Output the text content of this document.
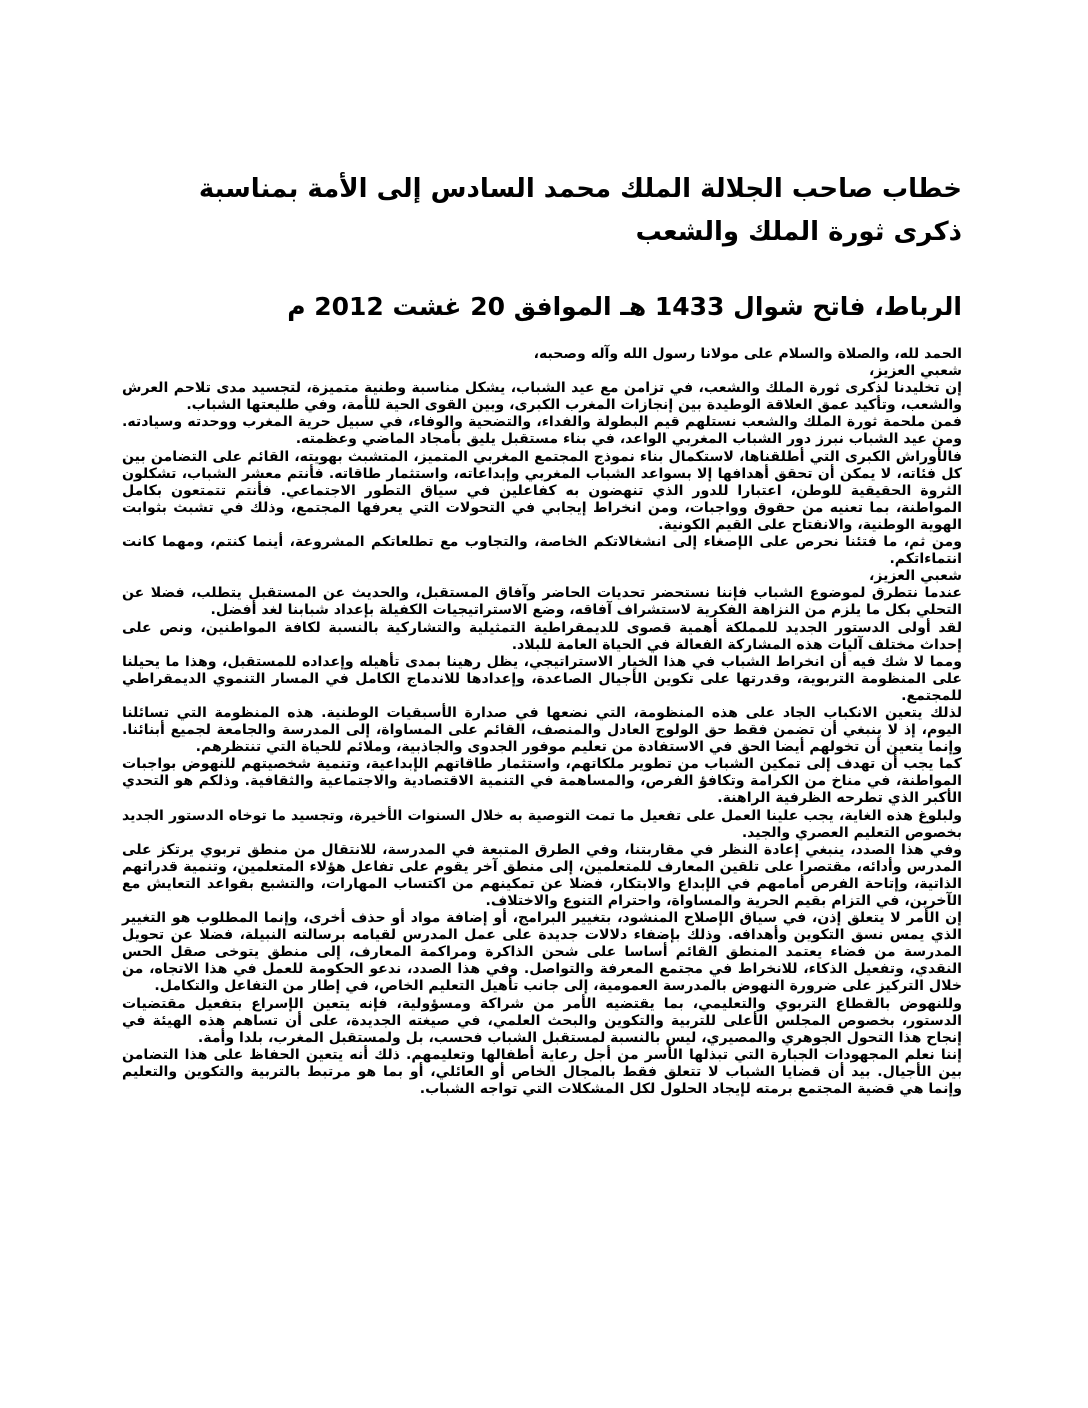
خطاب صاحب الجلالة الملك محمد السادس إلى الأمة بمناسبة ذكرى ثورة الملك والشعب
الرباط، فاتح شوال 1433 هـ الموافق 20 غشت 2012 م

الحمد لله، والصلاة والسلام على مولانا رسول الله وآله وصحبه،

شعبي العزيز،

إن تخليدنا لذكرى ثورة الملك والشعب، في تزامن مع عيد الشباب، يشكل مناسبة وطنية متميزة، لتجسيد مدى تلاحم العرش والشعب، وتأكيد عمق العلاقة الوطيدة بين إنجازات المغرب الكبرى، وبين القوى الحية للأمة، وفي طليعتها الشباب.

فمن ملحمة ثورة الملك والشعب نستلهم قيم البطولة والفداء، والتضحية والوفاء، في سبيل حرية المغرب ووحدته وسيادته. ومن عيد الشباب نبرز دور الشباب المغربي الواعد، في بناء مستقبل يليق بأمجاد الماضي وعظمته.

فالأوراش الكبرى التي أطلقناها، لاستكمال بناء نموذج المجتمع المغربي المتميز، المتشبث بهويته، القائم على التضامن بين كل فئاته، لا يمكن أن تحقق أهدافها إلا بسواعد الشباب المغربي وإبداعاته، واستثمار طاقاته. فأنتم معشر الشباب، تشكلون الثروة الحقيقية للوطن، اعتبارا للدور الذي تنهضون به كفاعلين في سياق التطور الاجتماعي. فأنتم تتمتعون بكامل المواطنة، بما تعنيه من حقوق وواجبات، ومن انخراط إيجابي في التحولات التي يعرفها المجتمع، وذلك في تشبث بثوابت الهوية الوطنية، والانفتاح على القيم الكونية.

ومن ثم، ما فتئنا نحرص على الإصغاء إلى انشغالاتكم الخاصة، والتجاوب مع تطلعاتكم المشروعة، أينما كنتم، ومهما كانت انتماءاتكم.

شعبي العزيز،

عندما نتطرق لموضوع الشباب فإننا نستحضر تحديات الحاضر وآفاق المستقبل، والحديث عن المستقبل يتطلب، فضلا عن التحلي بكل ما يلزم من النزاهة الفكرية لاستشراف آفاقه، وضع الاستراتيجيات الكفيلة بإعداد شبابنا لغد أفضل.

لقد أولى الدستور الجديد للمملكة أهمية قصوى للديمقراطية التمثيلية والتشاركية بالنسبة لكافة المواطنين، ونص على إحداث مختلف آليات هذه المشاركة الفعالة في الحياة العامة للبلاد.

ومما لا شك فيه أن انخراط الشباب في هذا الخيار الاستراتيجي، يظل رهينا بمدى تأهيله وإعداده للمستقبل، وهذا ما يحيلنا على المنظومة التربوية، وقدرتها على تكوين الأجيال الصاعدة، وإعدادها للاندماج الكامل في المسار التنموي الديمقراطي للمجتمع.

لذلك يتعين الانكباب الجاد على هذه المنظومة، التي نضعها في صدارة الأسبقيات الوطنية. هذه المنظومة التي تسائلنا اليوم، إذ لا ينبغي أن تضمن فقط حق الولوج العادل والمنصف، القائم على المساواة، إلى المدرسة والجامعة لجميع أبنائنا. وإنما يتعين أن تخولهم أيضا الحق في الاستفادة من تعليم موفور الجدوى والجاذبية، وملائم للحياة التي تنتظرهم.

كما يجب أن تهدف إلى تمكين الشباب من تطوير ملكاتهم، واستثمار طاقاتهم الإبداعية، وتنمية شخصيتهم للنهوض بواجبات المواطنة، في مناخ من الكرامة وتكافؤ الفرص، والمساهمة في التنمية الاقتصادية والاجتماعية والثقافية. وذلكم هو التحدي الأكبر الذي تطرحه الظرفية الراهنة.

ولبلوغ هذه الغاية، يجب علينا العمل على تفعيل ما تمت التوصية به خلال السنوات الأخيرة، وتجسيد ما توخاه الدستور الجديد بخصوص التعليم العصري والجيد.

وفي هذا الصدد، ينبغي إعادة النظر في مقاربتنا، وفي الطرق المتبعة في المدرسة، للانتقال من منطق تربوي يرتكز على المدرس وأدائه، مقتصرا على تلقين المعارف للمتعلمين، إلى منطق آخر يقوم على تفاعل هؤلاء المتعلمين، وتنمية قدراتهم الذاتية، وإتاحة الفرص أمامهم في الإبداع والابتكار، فضلا عن تمكينهم من اكتساب المهارات، والتشبع بقواعد التعايش مع الآخرين، في التزام بقيم الحرية والمساواة، واحترام التنوع والاختلاف.

إن الأمر لا يتعلق إذن، في سياق الإصلاح المنشود، بتغيير البرامج، أو إضافة مواد أو حذف أخرى، وإنما المطلوب هو التغيير الذي يمس نسق التكوين وأهدافه. وذلك بإضفاء دلالات جديدة على عمل المدرس لقيامه برسالته النبيلة، فضلا عن تحويل المدرسة من فضاء يعتمد المنطق القائم أساسا على شحن الذاكرة ومراكمة المعارف، إلى منطق يتوخى صقل الحس النقدي، وتفعيل الذكاء، للانخراط في مجتمع المعرفة والتواصل. وفي هذا الصدد، ندعو الحكومة للعمل في هذا الاتجاه، من خلال التركيز على ضرورة النهوض بالمدرسة العمومية، إلى جانب تأهيل التعليم الخاص، في إطار من التفاعل والتكامل.

وللنهوض بالقطاع التربوي والتعليمي، بما يقتضيه الأمر من شراكة ومسؤولية، فإنه يتعين الإسراع بتفعيل مقتضيات الدستور، بخصوص المجلس الأعلى للتربية والتكوين والبحث العلمي، في صيغته الجديدة، على أن تساهم هذه الهيئة في إنجاح هذا التحول الجوهري والمصيري، ليس بالنسبة لمستقبل الشباب فحسب، بل ولمستقبل المغرب، بلدا وأمة.

إننا نعلم المجهودات الجبارة التي تبذلها الأسر من أجل رعاية أطفالها وتعليمهم. ذلك أنه يتعين الحفاظ على هذا التضامن بين الأجيال. بيد أن قضايا الشباب لا تتعلق فقط بالمجال الخاص أو العائلي، أو بما هو مرتبط بالتربية والتكوين والتعليم وإنما هي قضية المجتمع برمته لإيجاد الحلول لكل المشكلات التي تواجه الشباب.
